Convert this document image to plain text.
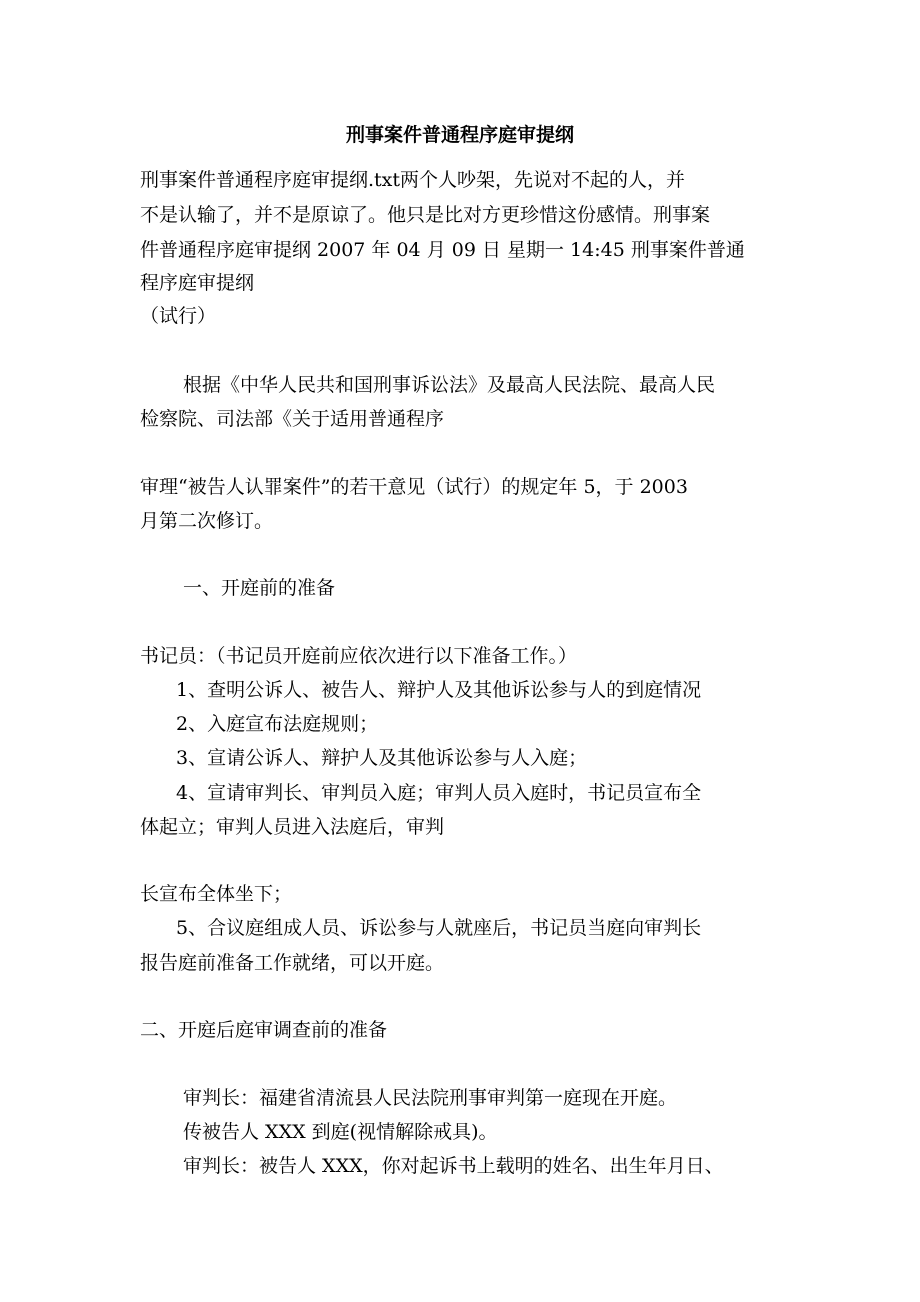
刑事案件普通程序庭审提纲
刑事案件普通程序庭审提纲.txt两个人吵架，先说对不起的人，并
不是认输了，并不是原谅了。他只是比对方更珍惜这份感情。刑事案
件普通程序庭审提纲 2007 年 04 月 09 日 星期一 14:45 刑事案件普通
程序庭审提纲
（试行）
根据《中华人民共和国刑事诉讼法》及最高人民法院、最高人民
检察院、司法部《关于适用普通程序
审理“被告人认罪案件”的若干意见（试行）的规定年 5，于 2003
月第二次修订。
一、开庭前的准备
书记员：（书记员开庭前应依次进行以下准备工作。）
1、查明公诉人、被告人、辩护人及其他诉讼参与人的到庭情况
2、入庭宣布法庭规则；
3、宣请公诉人、辩护人及其他诉讼参与人入庭；
4、宣请审判长、审判员入庭；审判人员入庭时，书记员宣布全
体起立；审判人员进入法庭后，审判
长宣布全体坐下；
5、合议庭组成人员、诉讼参与人就座后，书记员当庭向审判长
报告庭前准备工作就绪，可以开庭。
二、开庭后庭审调查前的准备
审判长：福建省清流县人民法院刑事审判第一庭现在开庭。
传被告人 XXX 到庭(视情解除戒具)。
审判长：被告人 XXX，你对起诉书上载明的姓名、出生年月日、
